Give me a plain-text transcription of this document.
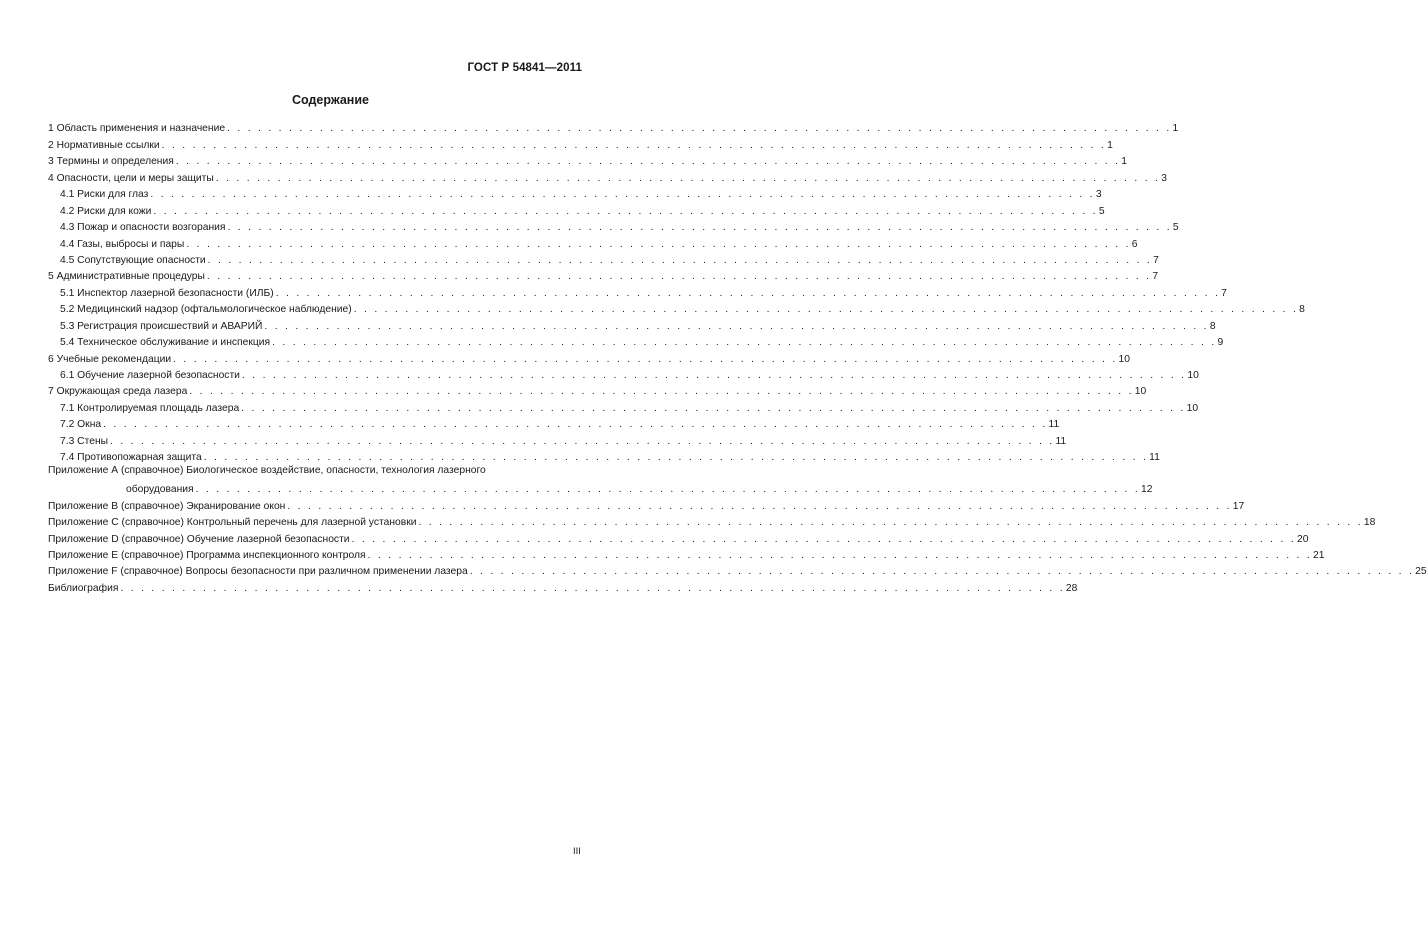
ГОСТ Р 54841—2011
Содержание
1 Область применения и назначение . . . . . . . . . . . . . . . . . . . . . . . . . . . . . . . . . . . . . . . . . . . . . . . . . . . . . . . . . . . . . . . . . . . . . . . . . . . . . . . . . . . . . . . . . . . . 1
2 Нормативные ссылки . . . . . . . . . . . . . . . . . . . . . . . . . . . . . . . . . . . . . . . . . . . . . . . . . . . . . . . . . . . . . . . . . . . . . . . . . . . . . . . . . . . . . . . . . . . . 1
3 Термины и определения . . . . . . . . . . . . . . . . . . . . . . . . . . . . . . . . . . . . . . . . . . . . . . . . . . . . . . . . . . . . . . . . . . . . . . . . . . . . . . . . . . . . . . . . . . . . 1
4 Опасности, цели и меры защиты . . . . . . . . . . . . . . . . . . . . . . . . . . . . . . . . . . . . . . . . . . . . . . . . . . . . . . . . . . . . . . . . . . . . . . . . . . . . . . . . . . . . . . . . . . . . 3
4.1 Риски для глаз . . . . . . . . . . . . . . . . . . . . . . . . . . . . . . . . . . . . . . . . . . . . . . . . . . . . . . . . . . . . . . . . . . . . . . . . . . . . . . . . . . . . . . . . . . . . 3
4.2 Риски для кожи . . . . . . . . . . . . . . . . . . . . . . . . . . . . . . . . . . . . . . . . . . . . . . . . . . . . . . . . . . . . . . . . . . . . . . . . . . . . . . . . . . . . . . . . . . . . 5
4.3 Пожар и опасности возгорания . . . . . . . . . . . . . . . . . . . . . . . . . . . . . . . . . . . . . . . . . . . . . . . . . . . . . . . . . . . . . . . . . . . . . . . . . . . . . . . . . . . . . . . . . . . . 5
4.4 Газы, выбросы и пары . . . . . . . . . . . . . . . . . . . . . . . . . . . . . . . . . . . . . . . . . . . . . . . . . . . . . . . . . . . . . . . . . . . . . . . . . . . . . . . . . . . . . . . . . . . . 6
4.5 Сопутствующие опасности . . . . . . . . . . . . . . . . . . . . . . . . . . . . . . . . . . . . . . . . . . . . . . . . . . . . . . . . . . . . . . . . . . . . . . . . . . . . . . . . . . . . . . . . . . . . 7
5 Административные процедуры . . . . . . . . . . . . . . . . . . . . . . . . . . . . . . . . . . . . . . . . . . . . . . . . . . . . . . . . . . . . . . . . . . . . . . . . . . . . . . . . . . . . . . . . . . . . 7
5.1 Инспектор лазерной безопасности (ИЛБ) . . . . . . . . . . . . . . . . . . . . . . . . . . . . . . . . . . . . . . . . . . . . . . . . . . . . . . . . . . . . . . . . . . . . . . . . . . . . . . . . . . . . . . . . . . . . 7
5.2 Медицинский надзор (офтальмологическое наблюдение) . . . . . . . . . . . . . . . . . . . . . . . . . . . . . . . . . . . . . . . . . . . . . . . . . . . . . . . . . . . . . . . . . . . . . . . . . . . . . . . . . . . . . . . . . . . . 8
5.3 Регистрация происшествий и АВАРИЙ . . . . . . . . . . . . . . . . . . . . . . . . . . . . . . . . . . . . . . . . . . . . . . . . . . . . . . . . . . . . . . . . . . . . . . . . . . . . . . . . . . . . . . . . . . . . 8
5.4 Техническое обслуживание и инспекция . . . . . . . . . . . . . . . . . . . . . . . . . . . . . . . . . . . . . . . . . . . . . . . . . . . . . . . . . . . . . . . . . . . . . . . . . . . . . . . . . . . . . . . . . . . . 9
6 Учебные рекомендации . . . . . . . . . . . . . . . . . . . . . . . . . . . . . . . . . . . . . . . . . . . . . . . . . . . . . . . . . . . . . . . . . . . . . . . . . . . . . . . . . . . . . . . . . . . . 10
6.1 Обучение лазерной безопасности . . . . . . . . . . . . . . . . . . . . . . . . . . . . . . . . . . . . . . . . . . . . . . . . . . . . . . . . . . . . . . . . . . . . . . . . . . . . . . . . . . . . . . . . . . . . 10
7 Окружающая среда лазера . . . . . . . . . . . . . . . . . . . . . . . . . . . . . . . . . . . . . . . . . . . . . . . . . . . . . . . . . . . . . . . . . . . . . . . . . . . . . . . . . . . . . . . . . . . . 10
7.1 Контролируемая площадь лазера . . . . . . . . . . . . . . . . . . . . . . . . . . . . . . . . . . . . . . . . . . . . . . . . . . . . . . . . . . . . . . . . . . . . . . . . . . . . . . . . . . . . . . . . . . . . 10
7.2 Окна . . . . . . . . . . . . . . . . . . . . . . . . . . . . . . . . . . . . . . . . . . . . . . . . . . . . . . . . . . . . . . . . . . . . . . . . . . . . . . . . . . . . . . . . . . . . 11
7.3 Стены . . . . . . . . . . . . . . . . . . . . . . . . . . . . . . . . . . . . . . . . . . . . . . . . . . . . . . . . . . . . . . . . . . . . . . . . . . . . . . . . . . . . . . . . . . . . 11
7.4 Противопожарная защита . . . . . . . . . . . . . . . . . . . . . . . . . . . . . . . . . . . . . . . . . . . . . . . . . . . . . . . . . . . . . . . . . . . . . . . . . . . . . . . . . . . . . . . . . . . . 11
Приложение А (справочное) Биологическое воздействие, опасности, технология лазерного
оборудования . . . . . . . . . . . . . . . . . . . . . . . . . . . . . . . . . . . . . . . . . . . . . . . . . . . . . . . . . . . . . . . . . . . . . . . . . . . . . . . . . . . . . . . . . . . . 12
Приложение В (справочное) Экранирование окон . . . . . . . . . . . . . . . . . . . . . . . . . . . . . . . . . . . . . . . . . . . . . . . . . . . . . . . . . . . . . . . . . . . . . . . . . . . . . . . . . . . . . . . . . . . . 17
Приложение С (справочное) Контрольный перечень для лазерной установки . . . . . . . . . . . . . . . . . . . . . . . . . . . . . . . . . . . . . . . . . . . . . . . . . . . . . . . . . . . . . . . . . . . . . . . . . . . . . . . . . . . . . . . . . . . . 18
Приложение D (справочное) Обучение лазерной безопасности . . . . . . . . . . . . . . . . . . . . . . . . . . . . . . . . . . . . . . . . . . . . . . . . . . . . . . . . . . . . . . . . . . . . . . . . . . . . . . . . . . . . . . . . . . . . 20
Приложение Е (справочное) Программа инспекционного контроля . . . . . . . . . . . . . . . . . . . . . . . . . . . . . . . . . . . . . . . . . . . . . . . . . . . . . . . . . . . . . . . . . . . . . . . . . . . . . . . . . . . . . . . . . . . . 21
Приложение F (справочное) Вопросы безопасности при различном применении лазера . . . . . . . . . . . . . . . . . . . . . . . . . . . . . . . . . . . . . . . . . . . . . . . . . . . . . . . . . . . . . . . . . . . . . . . . . . . . . . . . . . . . . . . . . . . . 25
Библиография . . . . . . . . . . . . . . . . . . . . . . . . . . . . . . . . . . . . . . . . . . . . . . . . . . . . . . . . . . . . . . . . . . . . . . . . . . . . . . . . . . . . . . . . . . . . 28
III
